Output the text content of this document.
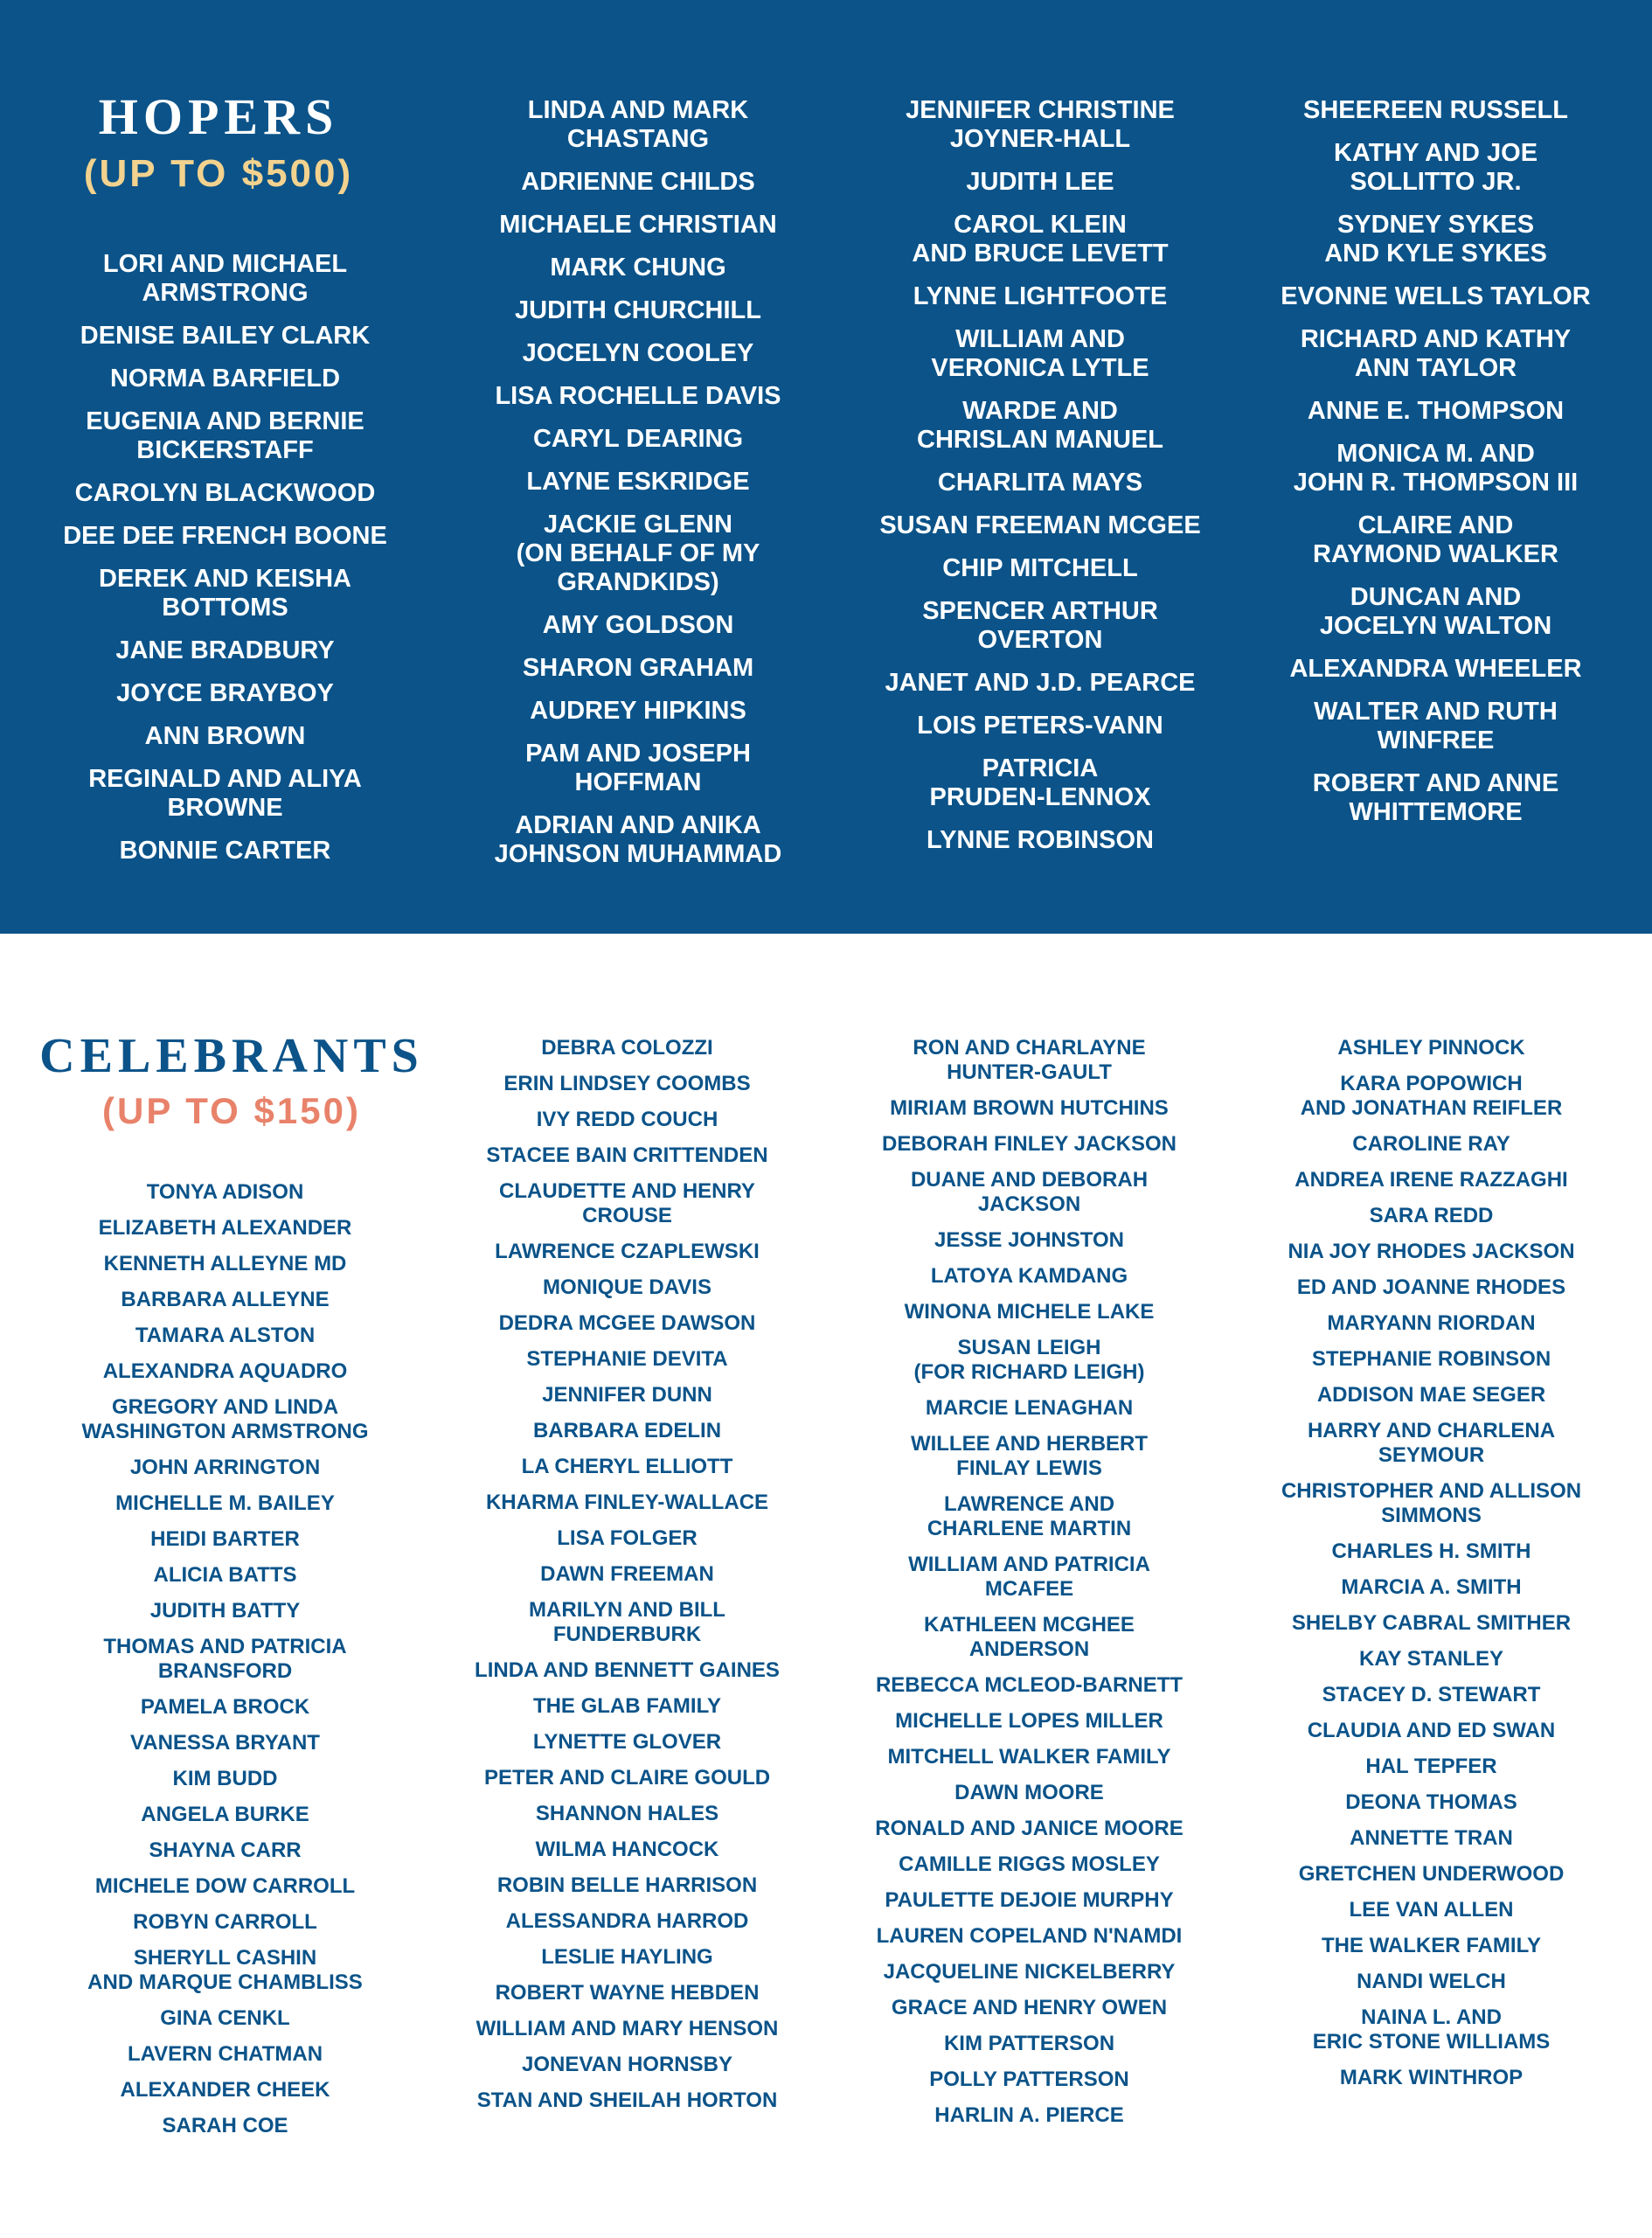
HOPERS
(UP TO $500)
LORI AND MICHAEL
ARMSTRONG
DENISE BAILEY CLARK
NORMA BARFIELD
EUGENIA AND BERNIE
BICKERSTAFF
CAROLYN BLACKWOOD
DEE DEE FRENCH BOONE
DEREK AND KEISHA
BOTTOMS
JANE BRADBURY
JOYCE BRAYBOY
ANN BROWN
REGINALD AND ALIYA
BROWNE
BONNIE CARTER
LINDA AND MARK
CHASTANG
ADRIENNE CHILDS
MICHAELE CHRISTIAN
MARK CHUNG
JUDITH CHURCHILL
JOCELYN COOLEY
LISA ROCHELLE DAVIS
CARYL DEARING
LAYNE ESKRIDGE
JACKIE GLENN
(ON BEHALF OF MY
GRANDKIDS)
AMY GOLDSON
SHARON GRAHAM
AUDREY HIPKINS
PAM AND JOSEPH
HOFFMAN
ADRIAN AND ANIKA
JOHNSON MUHAMMAD
JENNIFER CHRISTINE
JOYNER-HALL
JUDITH LEE
CAROL KLEIN
AND BRUCE LEVETT
LYNNE LIGHTFOOTE
WILLIAM AND
VERONICA LYTLE
WARDE AND
CHRISLAN MANUEL
CHARLITA MAYS
SUSAN FREEMAN MCGEE
CHIP MITCHELL
SPENCER ARTHUR
OVERTON
JANET AND J.D. PEARCE
LOIS PETERS-VANN
PATRICIA
PRUDEN-LENNOX
LYNNE ROBINSON
SHEEREEN RUSSELL
KATHY AND JOE
SOLLITTO JR.
SYDNEY SYKES
AND KYLE SYKES
EVONNE WELLS TAYLOR
RICHARD AND KATHY
ANN TAYLOR
ANNE E. THOMPSON
MONICA M. AND
JOHN R. THOMPSON III
CLAIRE AND
RAYMOND WALKER
DUNCAN AND
JOCELYN WALTON
ALEXANDRA WHEELER
WALTER AND RUTH
WINFREE
ROBERT AND ANNE
WHITTEMORE
CELEBRANTS
(UP TO $150)
TONYA ADISON
ELIZABETH ALEXANDER
KENNETH ALLEYNE MD
BARBARA ALLEYNE
TAMARA ALSTON
ALEXANDRA AQUADRO
GREGORY AND LINDA
WASHINGTON ARMSTRONG
JOHN ARRINGTON
MICHELLE M. BAILEY
HEIDI BARTER
ALICIA BATTS
JUDITH BATTY
THOMAS AND PATRICIA
BRANSFORD
PAMELA BROCK
VANESSA BRYANT
KIM BUDD
ANGELA BURKE
SHAYNA CARR
MICHELE DOW CARROLL
ROBYN CARROLL
SHERYLL CASHIN
AND MARQUE CHAMBLISS
GINA CENKL
LAVERN CHATMAN
ALEXANDER CHEEK
SARAH COE
DEBRA COLOZZI
ERIN LINDSEY COOMBS
IVY REDD COUCH
STACEE BAIN CRITTENDEN
CLAUDETTE AND HENRY
CROUSE
LAWRENCE CZAPLEWSKI
MONIQUE DAVIS
DEDRA MCGEE DAWSON
STEPHANIE DEVITA
JENNIFER DUNN
BARBARA EDELIN
LA CHERYL ELLIOTT
KHARMA FINLEY-WALLACE
LISA FOLGER
DAWN FREEMAN
MARILYN AND BILL
FUNDERBURK
LINDA AND BENNETT GAINES
THE GLAB FAMILY
LYNETTE GLOVER
PETER AND CLAIRE GOULD
SHANNON HALES
WILMA HANCOCK
ROBIN BELLE HARRISON
ALESSANDRA HARROD
LESLIE HAYLING
ROBERT WAYNE HEBDEN
WILLIAM AND MARY HENSON
JONEVAN HORNSBY
STAN AND SHEILAH HORTON
RON AND CHARLAYNE
HUNTER-GAULT
MIRIAM BROWN HUTCHINS
DEBORAH FINLEY JACKSON
DUANE AND DEBORAH
JACKSON
JESSE JOHNSTON
LATOYA KAMDANG
WINONA MICHELE LAKE
SUSAN LEIGH
(FOR RICHARD LEIGH)
MARCIE LENAGHAN
WILLEE AND HERBERT
FINLAY LEWIS
LAWRENCE AND
CHARLENE MARTIN
WILLIAM AND PATRICIA
MCAFEE
KATHLEEN MCGHEE
ANDERSON
REBECCA MCLEOD-BARNETT
MICHELLE LOPES MILLER
MITCHELL WALKER FAMILY
DAWN MOORE
RONALD AND JANICE MOORE
CAMILLE RIGGS MOSLEY
PAULETTE DEJOIE MURPHY
LAUREN COPELAND N'NAMDI
JACQUELINE NICKELBERRY
GRACE AND HENRY OWEN
KIM PATTERSON
POLLY PATTERSON
HARLIN A. PIERCE
ASHLEY PINNOCK
KARA POPOWICH
AND JONATHAN REIFLER
CAROLINE RAY
ANDREA IRENE RAZZAGHI
SARA REDD
NIA JOY RHODES JACKSON
ED AND JOANNE RHODES
MARYANN RIORDAN
STEPHANIE ROBINSON
ADDISON MAE SEGER
HARRY AND CHARLENA
SEYMOUR
CHRISTOPHER AND ALLISON
SIMMONS
CHARLES H. SMITH
MARCIA A. SMITH
SHELBY CABRAL SMITHER
KAY STANLEY
STACEY D. STEWART
CLAUDIA AND ED SWAN
HAL TEPFER
DEONA THOMAS
ANNETTE TRAN
GRETCHEN UNDERWOOD
LEE VAN ALLEN
THE WALKER FAMILY
NANDI WELCH
NAINA L. AND
ERIC STONE WILLIAMS
MARK WINTHROP
